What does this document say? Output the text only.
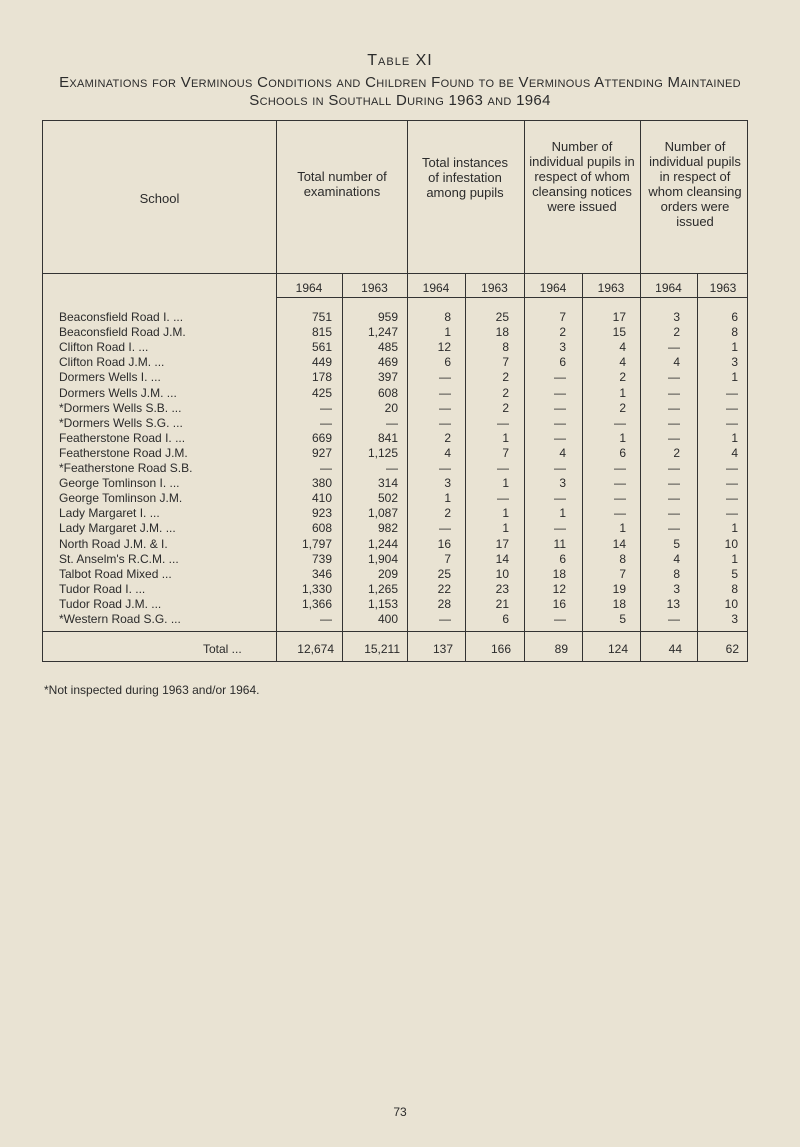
Table XI
Examinations for Verminous Conditions and Children Found to be Verminous Attending Maintained Schools in Southall During 1963 and 1964
School
Total number of examinations
Total instances of infestation among pupils
Number of individual pupils in respect of whom cleansing notices were issued
Number of individual pupils in respect of whom cleansing orders were issued
1964	1963	1964	1963	1964	1963	1964	1963
Beaconsfield Road I. ...	751	959	8	25	7	17	3	6
Beaconsfield Road J.M.	815	1,247	1	18	2	15	2	8
Clifton Road I. ...	561	485	12	8	3	4	—	1
Clifton Road J.M. ...	449	469	6	7	6	4	4	3
Dormers Wells I. ...	178	397	—	2	—	2	—	1
Dormers Wells J.M. ...	425	608	—	2	—	1	—	—
*Dormers Wells S.B. ...	—	20	—	2	—	2	—	—
*Dormers Wells S.G. ...	—	—	—	—	—	—	—	—
Featherstone Road I. ...	669	841	2	1	—	1	—	1
Featherstone Road J.M.	927	1,125	4	7	4	6	2	4
*Featherstone Road S.B.	—	—	—	—	—	—	—	—
George Tomlinson I. ...	380	314	3	1	3	—	—	—
George Tomlinson J.M.	410	502	1	—	—	—	—	—
Lady Margaret I. ...	923	1,087	2	1	1	—	—	—
Lady Margaret J.M. ...	608	982	—	1	—	1	—	1
North Road J.M. & I.	1,797	1,244	16	17	11	14	5	10
St. Anselm's R.C.M. ...	739	1,904	7	14	6	8	4	1
Talbot Road Mixed ...	346	209	25	10	18	7	8	5
Tudor Road I. ...	1,330	1,265	22	23	12	19	3	8
Tudor Road J.M. ...	1,366	1,153	28	21	16	18	13	10
*Western Road S.G. ...	—	400	—	6	—	5	—	3
Total ...	12,674	15,211	137	166	89	124	44	62
*Not inspected during 1963 and/or 1964.
73
